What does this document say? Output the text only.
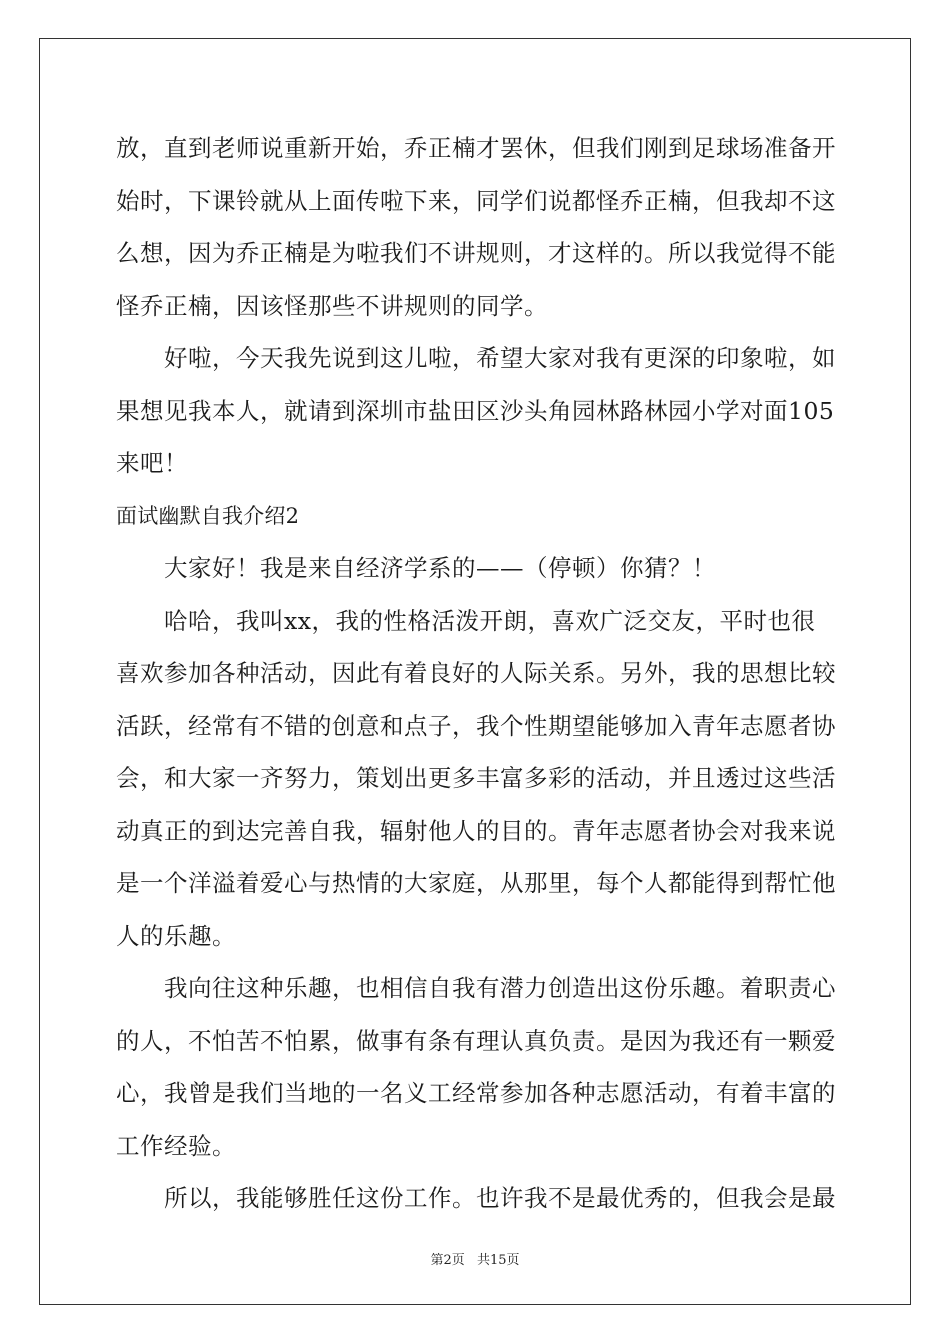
放，直到老师说重新开始，乔正楠才罢休，但我们刚到足球场准备开
始时，下课铃就从上面传啦下来，同学们说都怪乔正楠，但我却不这
么想，因为乔正楠是为啦我们不讲规则，才这样的。所以我觉得不能
怪乔正楠，因该怪那些不讲规则的同学。
好啦，今天我先说到这儿啦，希望大家对我有更深的印象啦，如
果想见我本人，就请到深圳市盐田区沙头角园林路林园小学对面105
来吧！
面试幽默自我介绍2
大家好！我是来自经济学系的——（停顿）你猜？！
哈哈，我叫xx，我的性格活泼开朗，喜欢广泛交友，平时也很
喜欢参加各种活动，因此有着良好的人际关系。另外，我的思想比较
活跃，经常有不错的创意和点子，我个性期望能够加入青年志愿者协
会，和大家一齐努力，策划出更多丰富多彩的活动，并且透过这些活
动真正的到达完善自我，辐射他人的目的。青年志愿者协会对我来说
是一个洋溢着爱心与热情的大家庭，从那里，每个人都能得到帮忙他
人的乐趣。
我向往这种乐趣，也相信自我有潜力创造出这份乐趣。着职责心
的人，不怕苦不怕累，做事有条有理认真负责。是因为我还有一颗爱
心，我曾是我们当地的一名义工经常参加各种志愿活动，有着丰富的
工作经验。
所以，我能够胜任这份工作。也许我不是最优秀的，但我会是最
第2页 共15页
